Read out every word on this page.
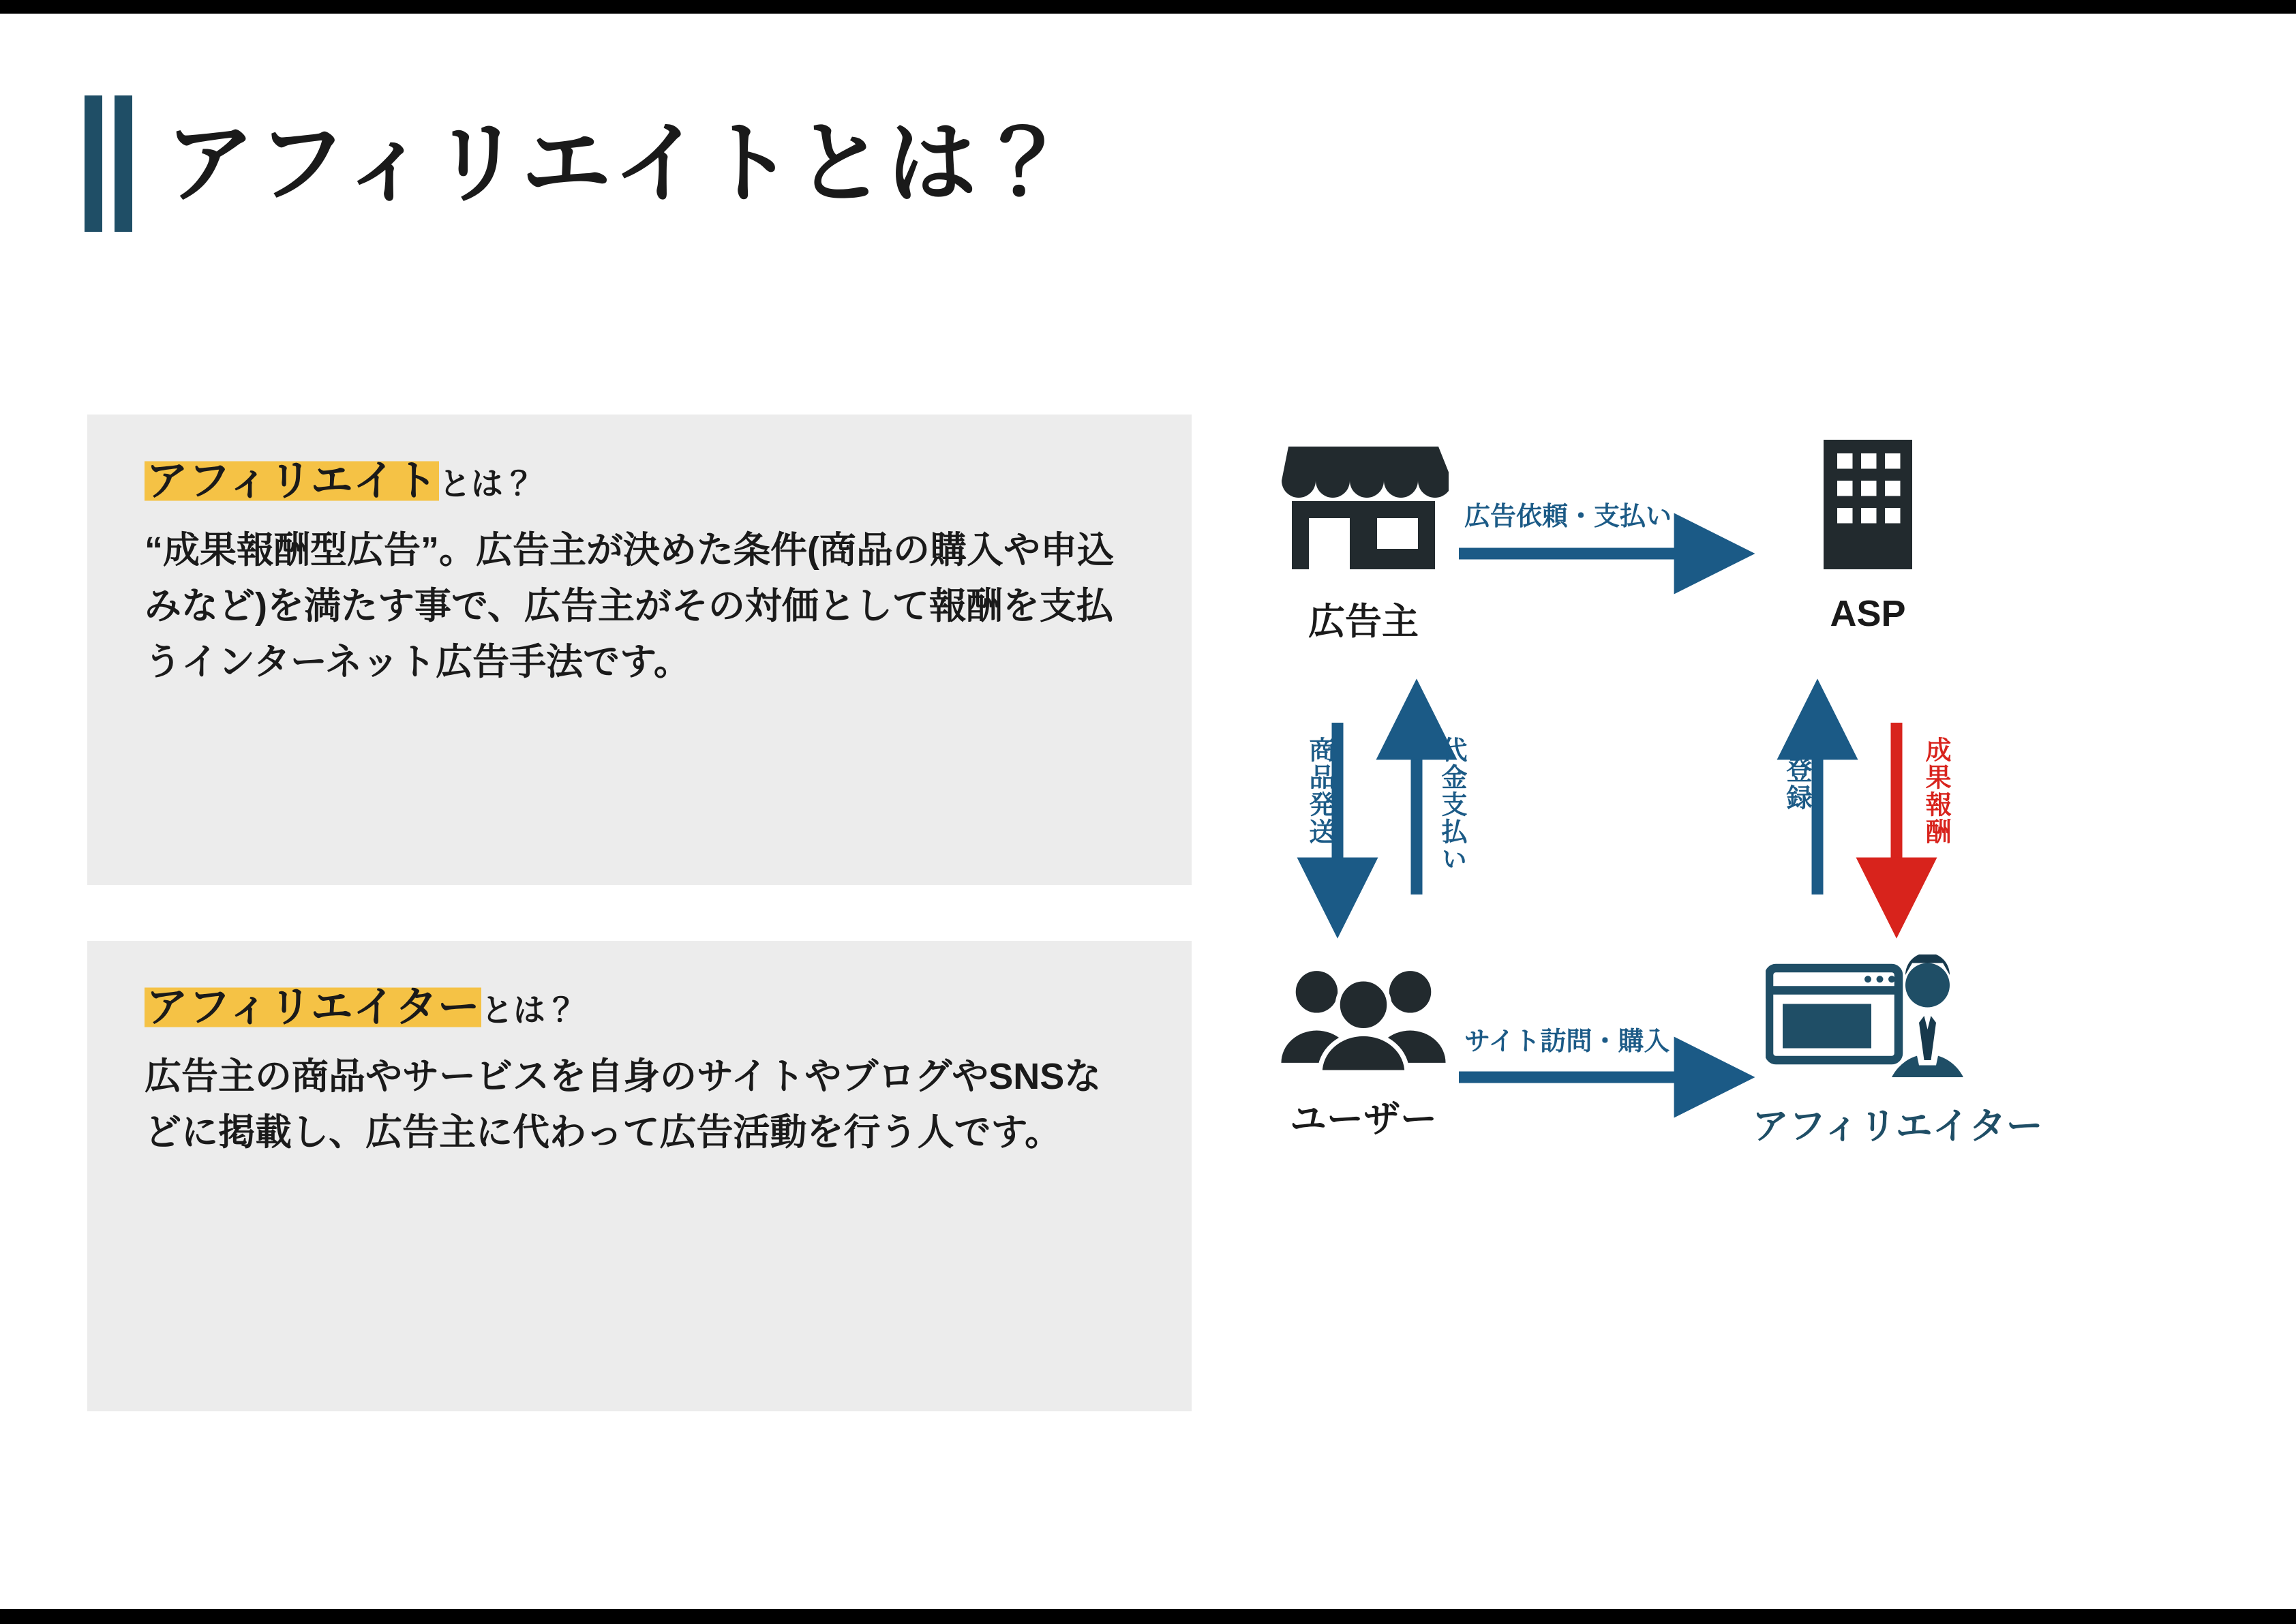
アフィリエイトとは？
アフィリエイトとは？
“成果報酬型広告”。広告主が決めた条件(商品の購入や申込みなど)を満たす事で、広告主がその対価として報酬を支払うインターネット広告手法です。
アフィリエイターとは？
広告主の商品やサービスを自身のサイトやブログやSNSなどに掲載し、広告主に代わって広告活動を行う人です。
広告主	ASP
ユーザー	アフィリエイター
広告依頼・支払い
商品発送	代金支払い	登録	成果報酬
サイト訪問・購入
